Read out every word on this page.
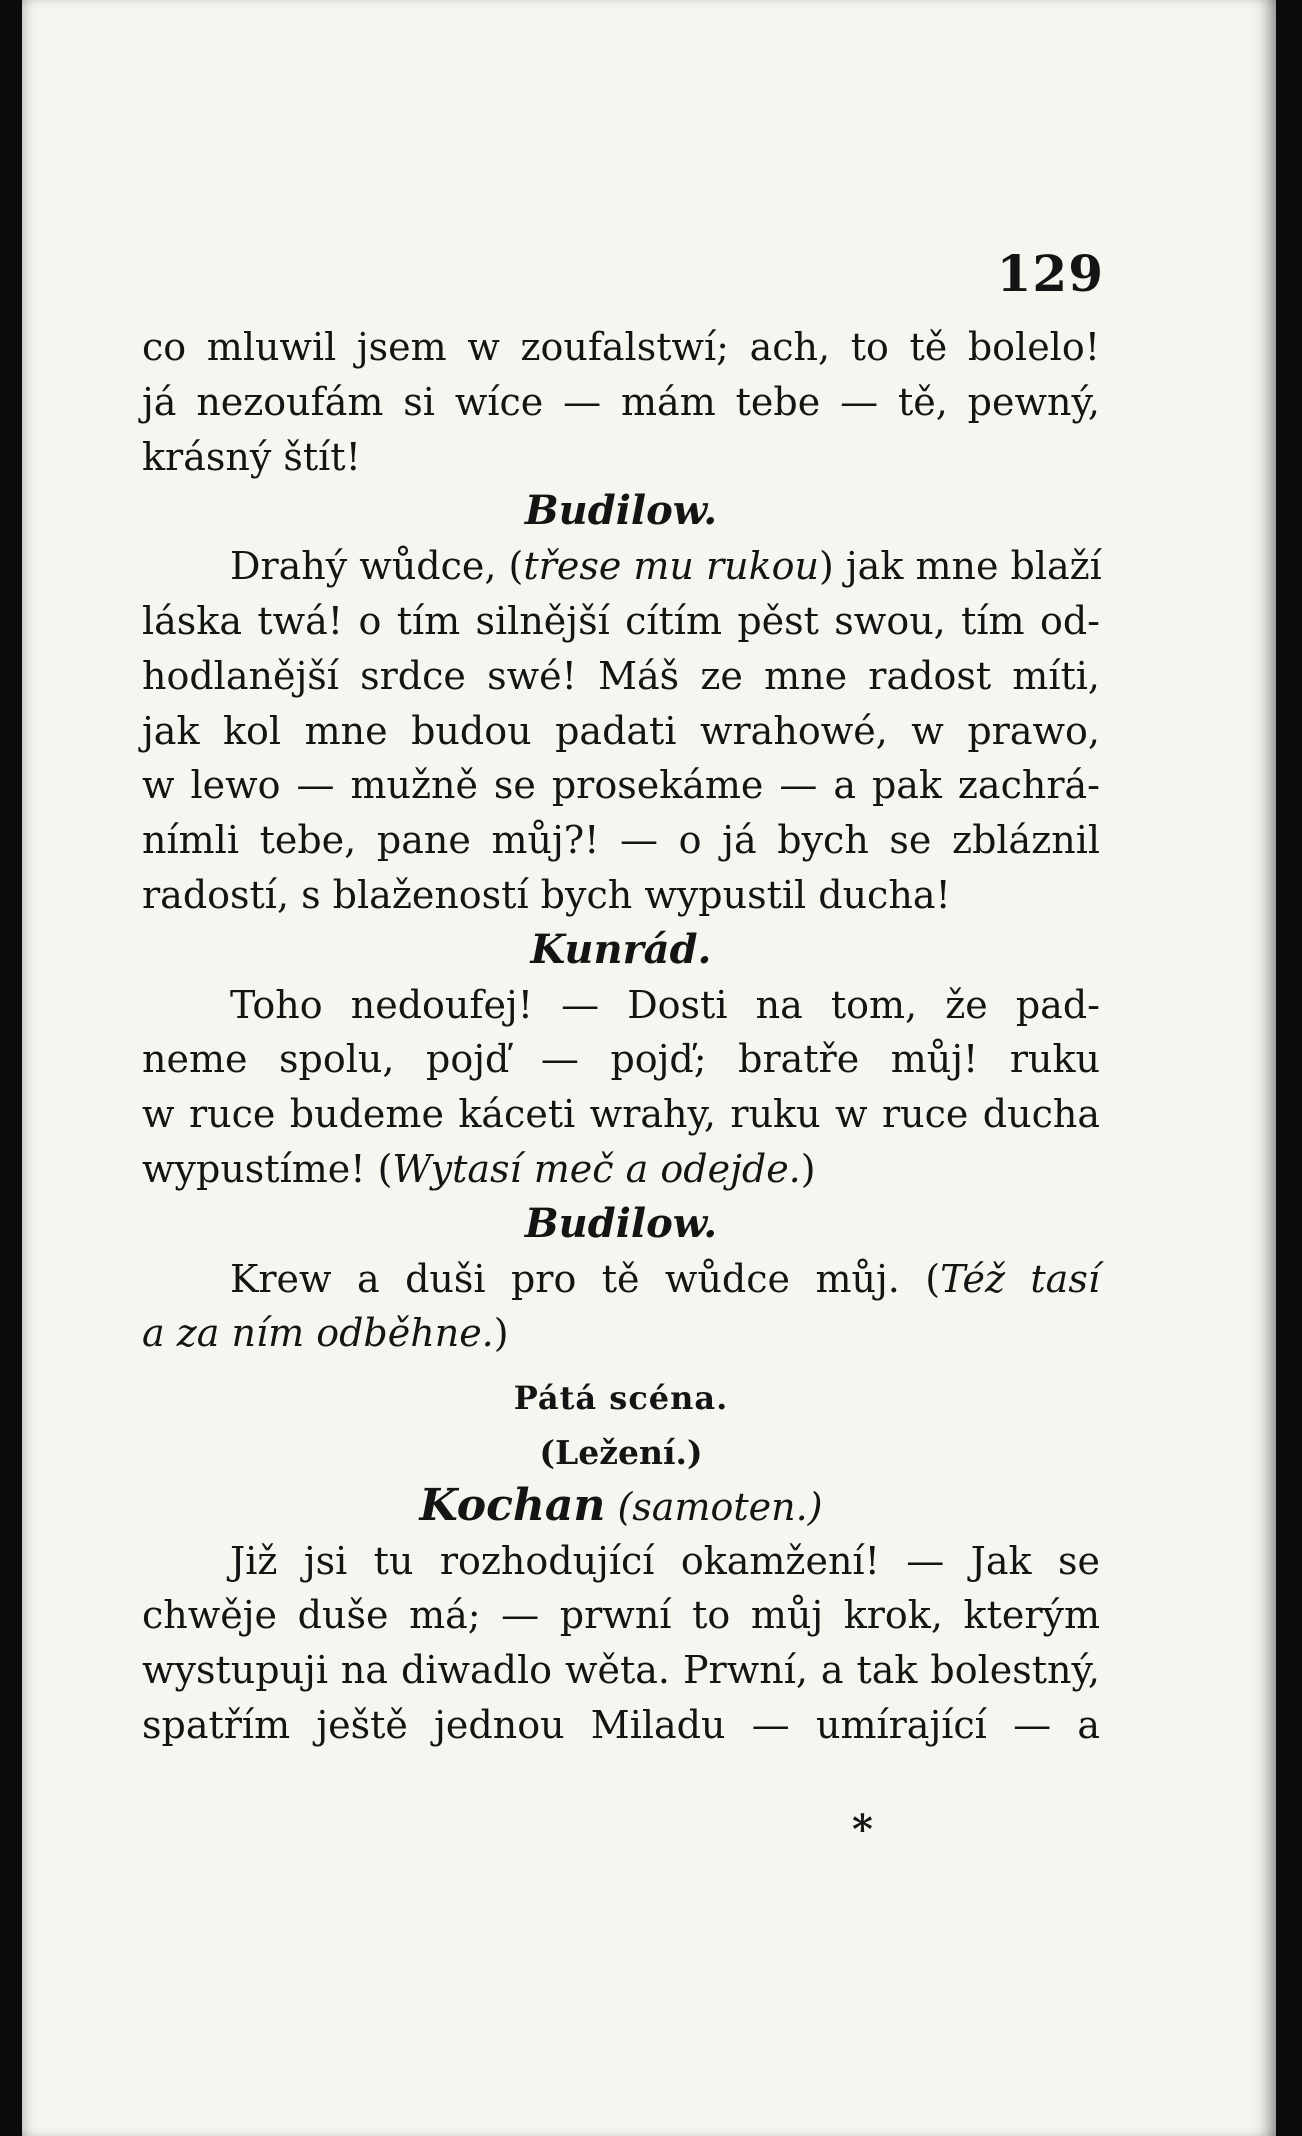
129
co mluwil jsem w zoufalstwí; ach, to tě bolelo!
já nezoufám si wíce — mám tebe — tě, pewný,
krásný štít!
Budilow.
Drahý wůdce, (třese mu rukou) jak mne blaží
láska twá! o tím silnější cítím pěst swou, tím od-
hodlanější srdce swé! Máš ze mne radost míti,
jak kol mne budou padati wrahowé, w prawo,
w lewo — mužně se prosekáme — a pak zachrá-
nímli tebe, pane můj?! — o já bych se zbláznil
radostí, s blažeností bych wypustil ducha!
Kunrád.
Toho nedoufej! — Dosti na tom, že pad-
neme spolu, pojď — pojď; bratře můj! ruku
w ruce budeme káceti wrahy, ruku w ruce ducha
wypustíme! (Wytasí meč a odejde.)
Budilow.
Krew a duši pro tě wůdce můj. (Též tasí
a za ním odběhne.)
Pátá scéna.
(Ležení.)
Kochan (samoten.)
Již jsi tu rozhodující okamžení! — Jak se
chwěje duše má; — prwní to můj krok, kterým
wystupuji na diwadlo wěta. Prwní, a tak bolestný,
spatřím ještě jednou Miladu — umírající — a
*
